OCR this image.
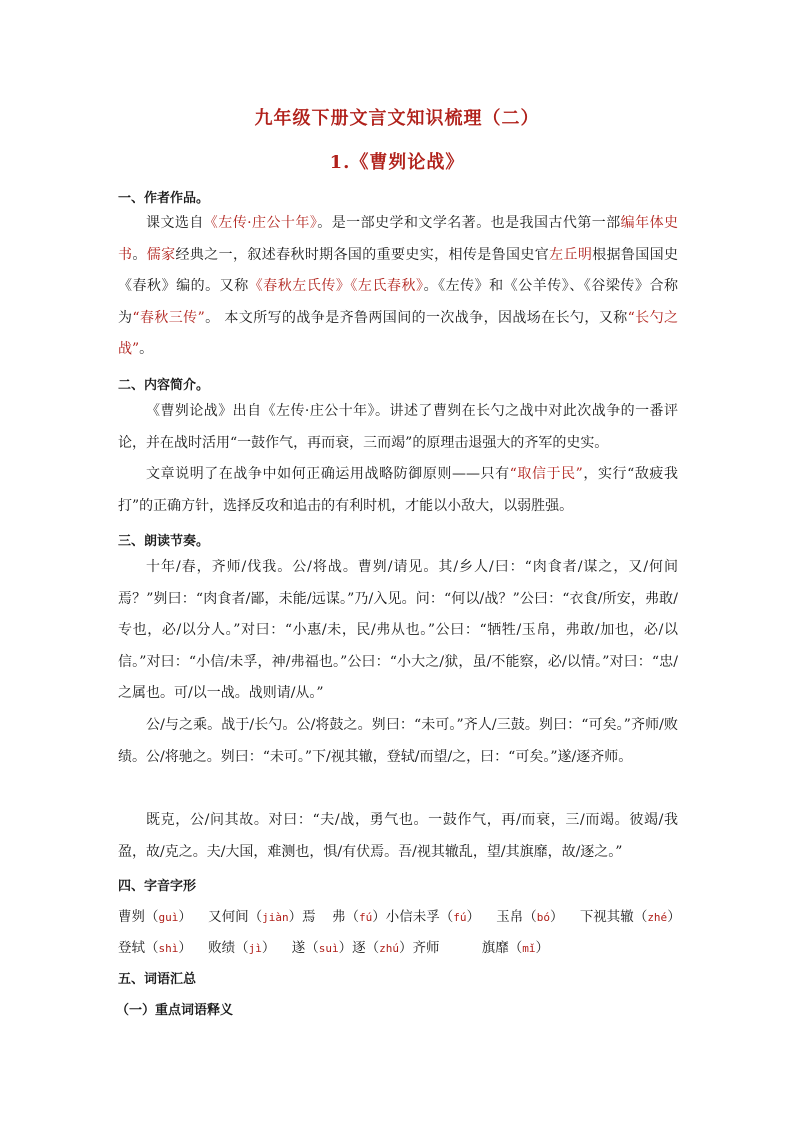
九年级下册文言文知识梳理（二）
1.《曹刿论战》
一、作者作品。

课文选自《左传·庄公十年》。是一部史学和文学名著。也是我国古代第一部编年体史书。儒家经典之一，叙述春秋时期各国的重要史实，相传是鲁国史官左丘明根据鲁国国史《春秋》编的。又称《春秋左氏传》《左氏春秋》。《左传》和《公羊传》、《谷梁传》合称为“春秋三传”。 本文所写的战争是齐鲁两国间的一次战争，因战场在长勺，又称“长勺之战”。

二、内容简介。

《曹刿论战》出自《左传·庄公十年》。讲述了曹刿在长勺之战中对此次战争的一番评论，并在战时活用“一鼓作气，再而衰，三而竭”的原理击退强大的齐军的史实。

文章说明了在战争中如何正确运用战略防御原则——只有“取信于民”，实行“敌疲我打”的正确方针，选择反攻和追击的有利时机，才能以小敌大，以弱胜强。

三、朗读节奏。

十年/春，齐师/伐我。公/将战。曹刿/请见。其/乡人/曰：“肉食者/谋之，又/何间焉？”刿曰：“肉食者/鄙，未能/远谋。”乃/入见。问：“何以/战？”公曰：“衣食/所安，弗敢/专也，必/以分人。”对曰：“小惠/未，民/弗从也。”公曰：“牺牲/玉帛，弗敢/加也，必/以信。”对曰：“小信/未孚，神/弗福也。”公曰：“小大之/狱，虽/不能察，必/以情。”对曰：“忠/之属也。可/以一战。战则请/从。”

公/与之乘。战于/长勺。公/将鼓之。刿曰：“未可。”齐人/三鼓。刿曰：“可矣。”齐师/败绩。公/将驰之。刿曰：“未可。”下/视其辙，登轼/而望/之，曰：“可矣。”遂/逐齐师。

既克，公/问其故。对曰：“夫/战，勇气也。一鼓作气，再/而衰，三/而竭。彼竭/我盈，故/克之。夫/大国，难测也，惧/有伏焉。吾/视其辙乱，望/其旗靡，故/逐之。”

四、字音字形
曹刿（guì） 又何间（jiàn）焉 弗（fú）小信未孚（fú） 玉帛（bó） 下视其辙（zhé）
登轼（shì） 败绩（jì） 遂（suì）逐（zhú）齐师	旗靡（mǐ）
五、词语汇总
（一）重点词语释义
